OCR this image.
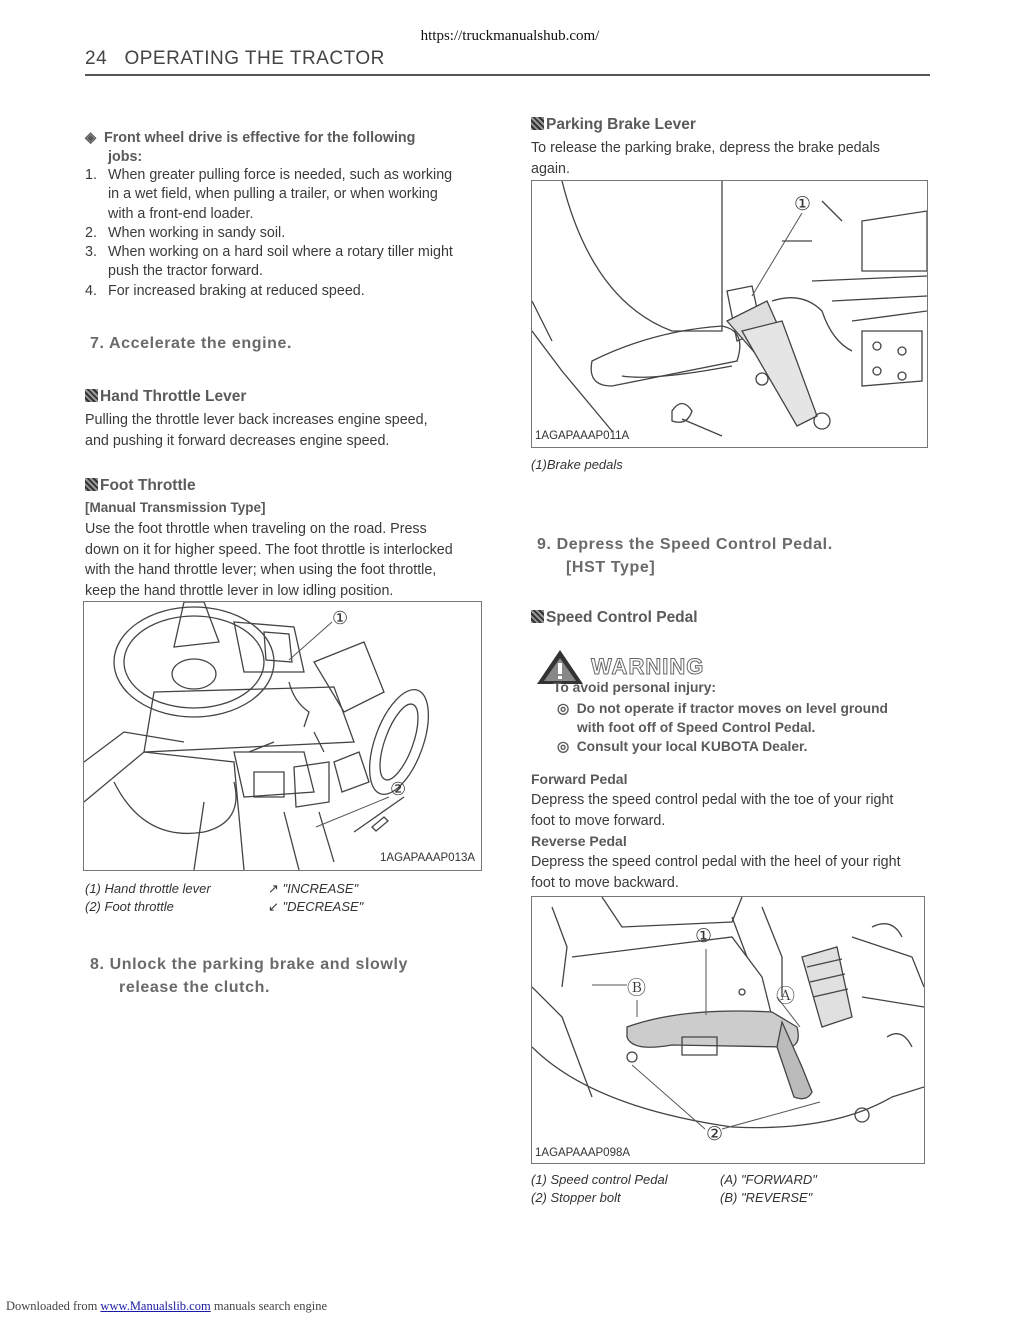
https://truckmanualshub.com/
24 OPERATING THE TRACTOR
◈ Front wheel drive is effective for the following
jobs:
1. When greater pulling force is needed, such as working
in a wet field, when pulling a trailer, or when working
with a front-end loader.
2. When working in sandy soil.
3. When working on a hard soil where a rotary tiller might
push the tractor forward.
4. For increased braking at reduced speed.
7. Accelerate the engine.
Hand Throttle Lever
Pulling the throttle lever back increases engine speed,
and pushing it forward decreases engine speed.
Foot Throttle
[Manual Transmission Type]
Use the foot throttle when traveling on the road. Press
down on it for higher speed. The foot throttle is interlocked
with the hand throttle lever; when using the foot throttle,
keep the hand throttle lever in low idling position.
①
②
1AGAPAAAP013A
(1) Hand throttle lever
(2) Foot throttle
↗ "INCREASE"
↙ "DECREASE"
8. Unlock the parking brake and slowly
release the clutch.
Parking Brake Lever
To release the parking brake, depress the brake pedals
again.
①
1AGAPAAAP011A
(1)Brake pedals
9. Depress the Speed Control Pedal.
[HST Type]
Speed Control Pedal
WARNING
To avoid personal injury:
◎ Do not operate if tractor moves on level ground
with foot off of Speed Control Pedal.
◎ Consult your local KUBOTA Dealer.
Forward Pedal
Depress the speed control pedal with the toe of your right
foot to move forward.
Reverse Pedal
Depress the speed control pedal with the heel of your right
foot to move backward.
①
Ⓑ	Ⓐ
②
1AGAPAAAP098A
(1) Speed control Pedal
(2) Stopper bolt
(A) "FORWARD"
(B) "REVERSE"
Downloaded from www.Manualslib.com manuals search engine
